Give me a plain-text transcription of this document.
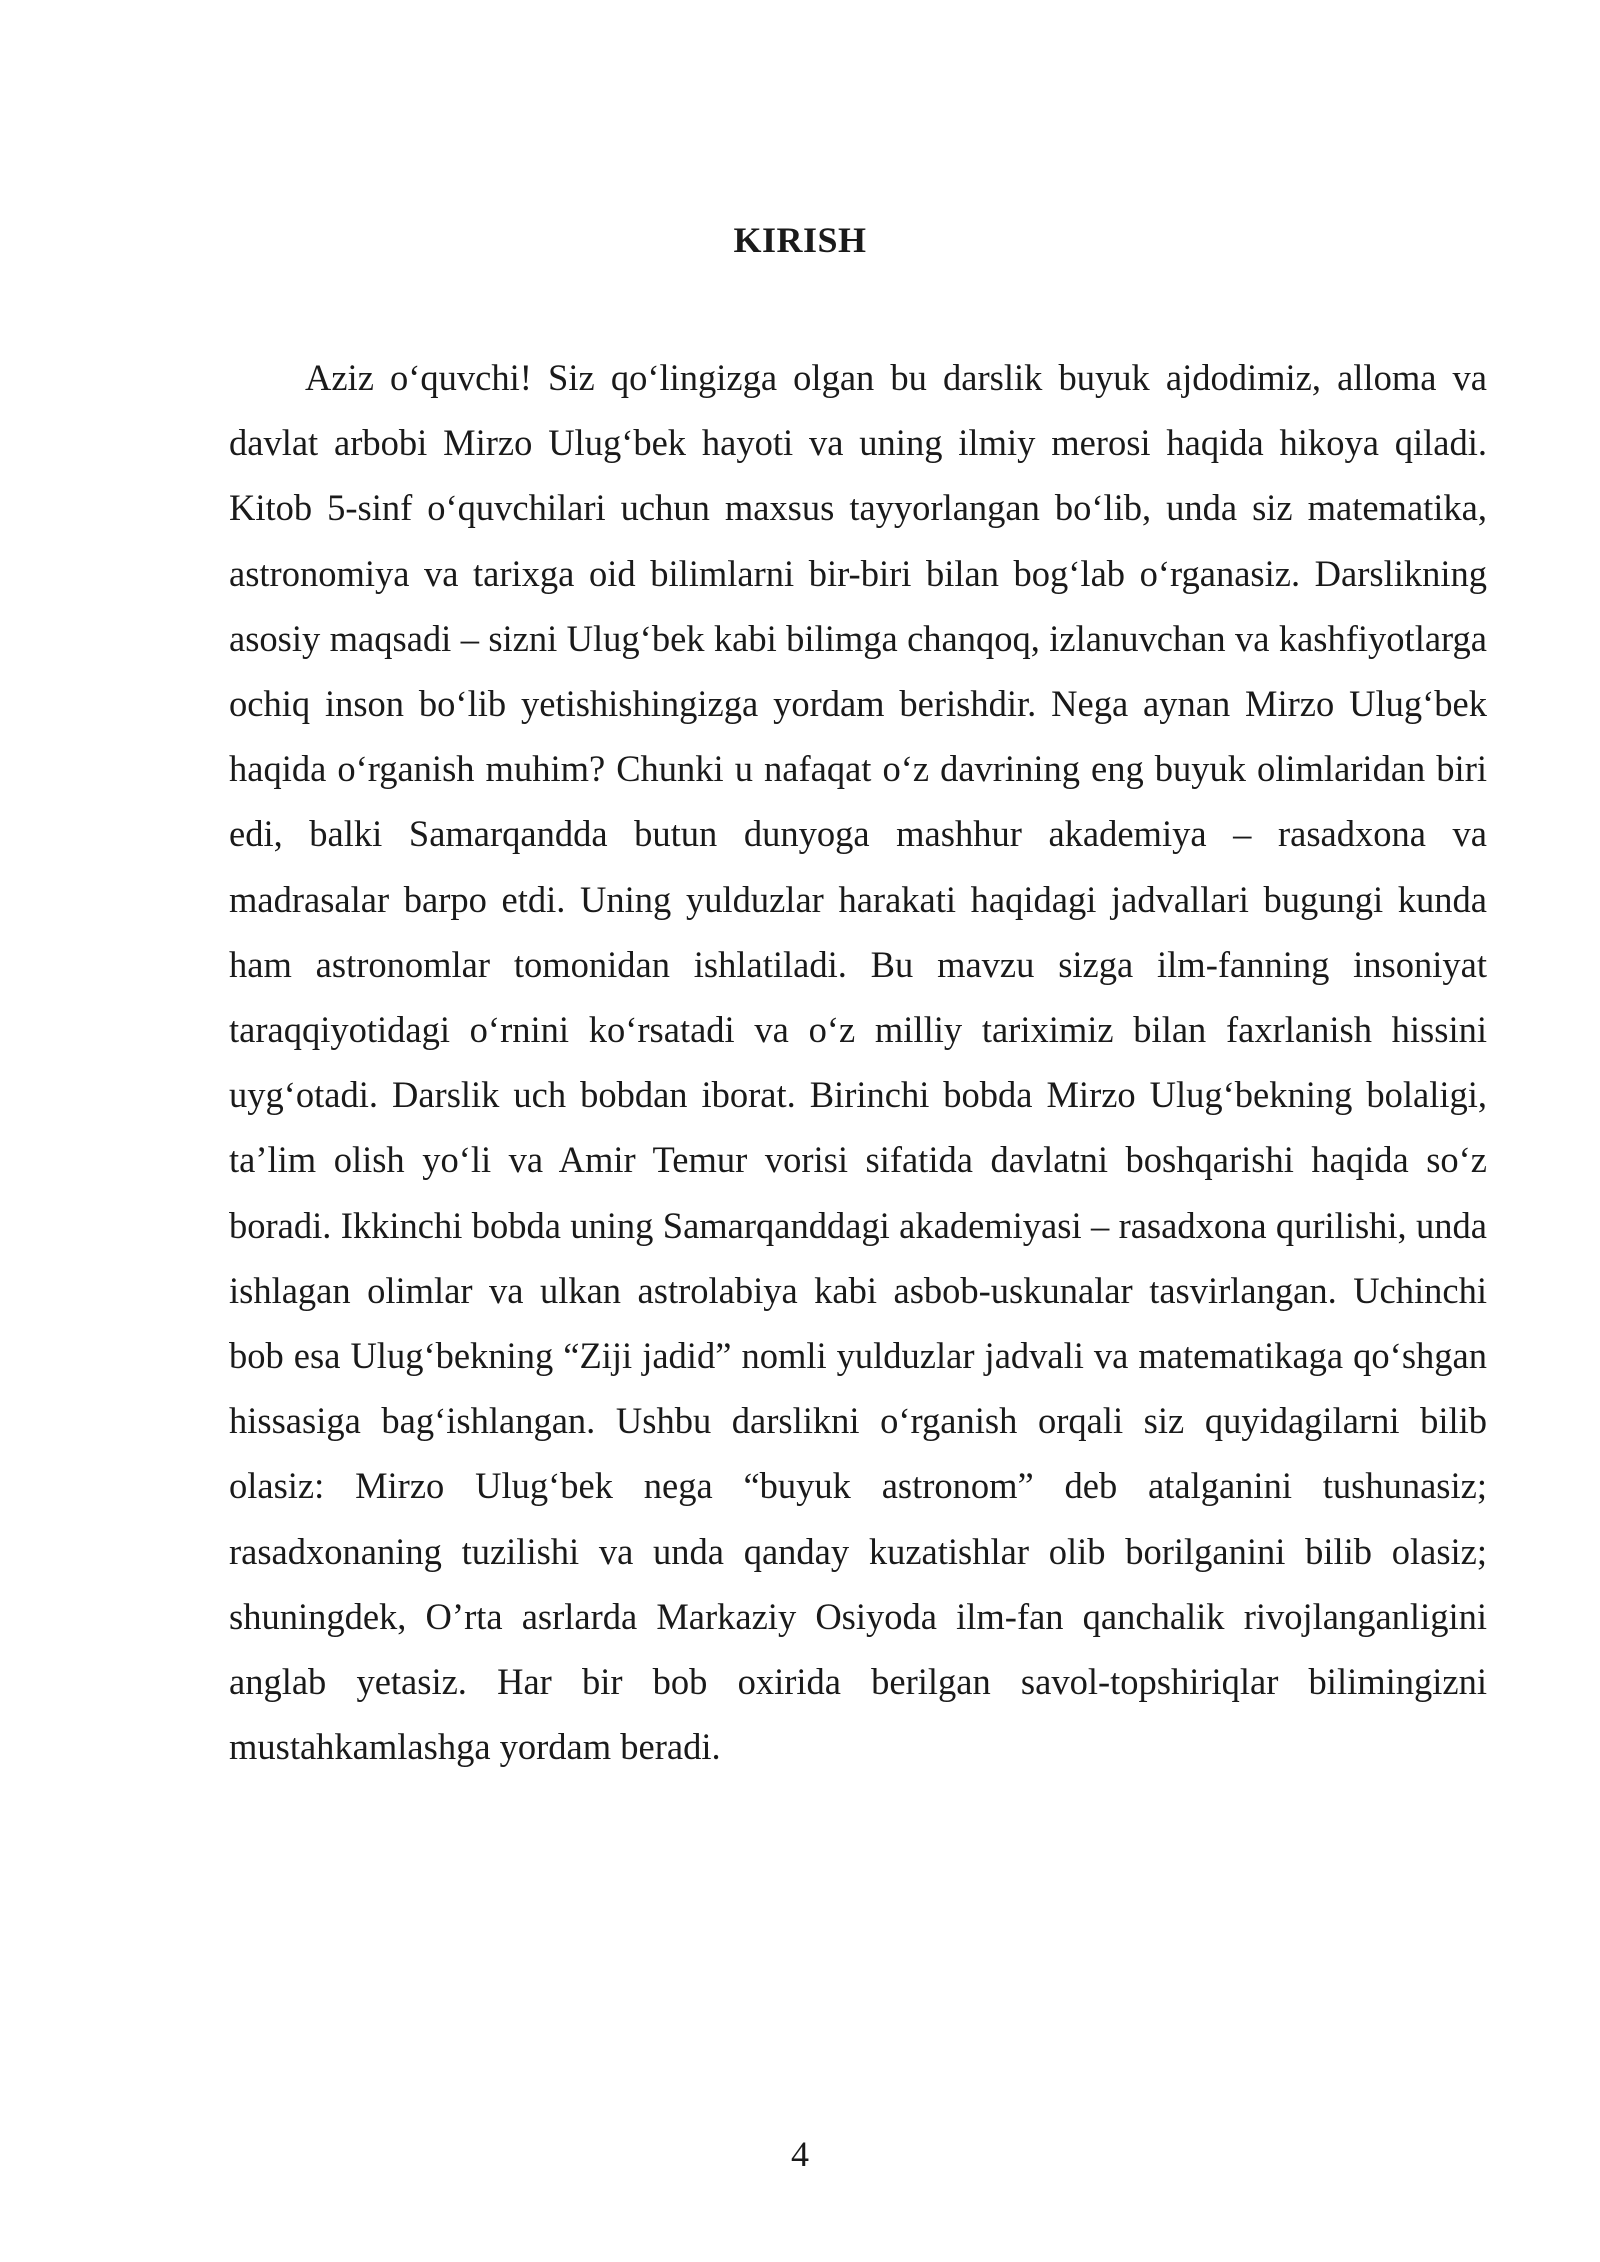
KIRISH

Aziz o‘quvchi! Siz qo‘lingizga olgan bu darslik buyuk ajdodimiz, alloma va davlat arbobi Mirzo Ulug‘bek hayoti va uning ilmiy merosi haqida hikoya qiladi. Kitob 5-sinf o‘quvchilari uchun maxsus tayyorlangan bo‘lib, unda siz matematika, astronomiya va tarixga oid bilimlarni bir-biri bilan bog‘lab o‘rganasiz. Darslikning asosiy maqsadi – sizni Ulug‘bek kabi bilimga chanqoq, izlanuvchan va kashfiyotlarga ochiq inson bo‘lib yetishishingizga yordam berishdir. Nega aynan Mirzo Ulug‘bek haqida o‘rganish muhim? Chunki u nafaqat o‘z davrining eng buyuk olimlaridan biri edi, balki Samarqandda butun dunyoga mashhur akademiya – rasadxona va madrasalar barpo etdi. Uning yulduzlar harakati haqidagi jadvallari bugungi kunda ham astronomlar tomonidan ishlatiladi. Bu mavzu sizga ilm-fanning insoniyat taraqqiyotidagi o‘rnini ko‘rsatadi va o‘z milliy tariximiz bilan faxrlanish hissini uyg‘otadi. Darslik uch bobdan iborat. Birinchi bobda Mirzo Ulug‘bekning bolaligi, ta’lim olish yo‘li va Amir Temur vorisi sifatida davlatni boshqarishi haqida so‘z boradi. Ikkinchi bobda uning Samarqanddagi akademiyasi – rasadxona qurilishi, unda ishlagan olimlar va ulkan astrolabiya kabi asbob-uskunalar tasvirlangan. Uchinchi bob esa Ulug‘bekning “Ziji jadid” nomli yulduzlar jadvali va matematikaga qo‘shgan hissasiga bag‘ishlangan. Ushbu darslikni o‘rganish orqali siz quyidagilarni bilib olasiz: Mirzo Ulug‘bek nega “buyuk astronom” deb atalganini tushunasiz; rasadxonaning tuzilishi va unda qanday kuzatishlar olib borilganini bilib olasiz; shuningdek, O’rta asrlarda Markaziy Osiyoda ilm-fan qanchalik rivojlanganligini anglab yetasiz. Har bir bob oxirida berilgan savol-topshiriqlar bilimingizni mustahkamlashga yordam beradi.

4
